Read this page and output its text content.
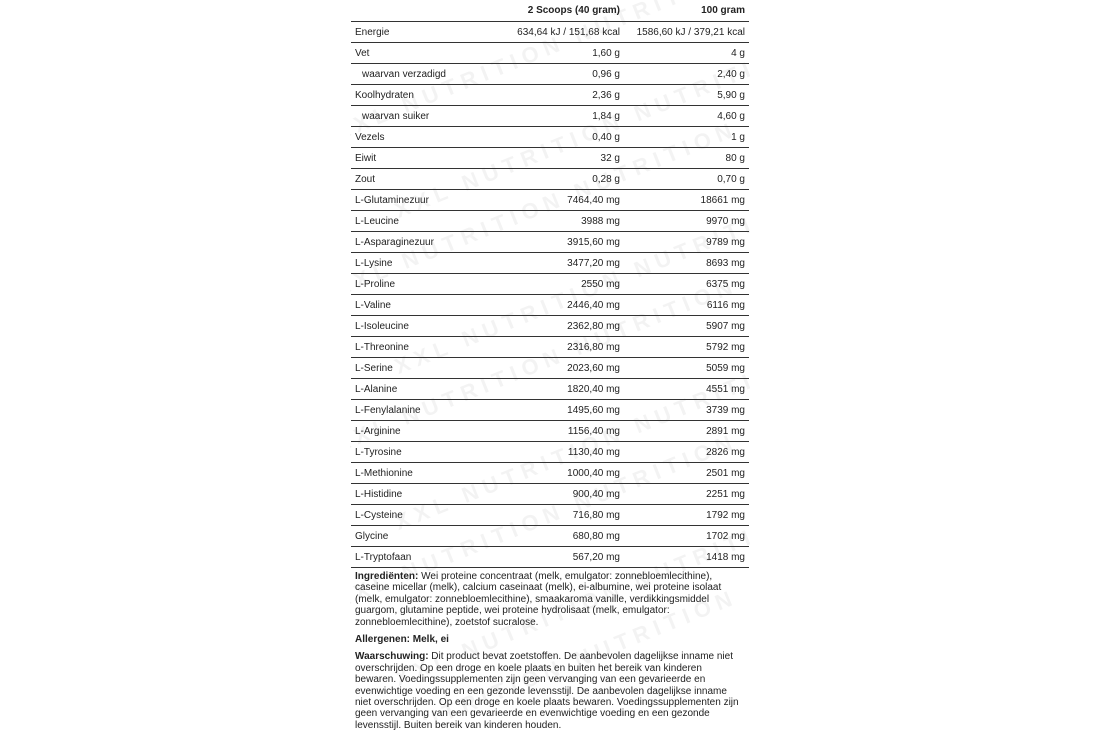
	2 Scoops (40 gram)	100 gram
Energie	634,64 kJ / 151,68 kcal	1586,60 kJ / 379,21 kcal
Vet	1,60 g	4 g
waarvan verzadigd	0,96 g	2,40 g
Koolhydraten	2,36 g	5,90 g
waarvan suiker	1,84 g	4,60 g
Vezels	0,40 g	1 g
Eiwit	32 g	80 g
Zout	0,28 g	0,70 g
L-Glutaminezuur	7464,40 mg	18661 mg
L-Leucine	3988 mg	9970 mg
L-Asparaginezuur	3915,60 mg	9789 mg
L-Lysine	3477,20 mg	8693 mg
L-Proline	2550 mg	6375 mg
L-Valine	2446,40 mg	6116 mg
L-Isoleucine	2362,80 mg	5907 mg
L-Threonine	2316,80 mg	5792 mg
L-Serine	2023,60 mg	5059 mg
L-Alanine	1820,40 mg	4551 mg
L-Fenylalanine	1495,60 mg	3739 mg
L-Arginine	1156,40 mg	2891 mg
L-Tyrosine	1130,40 mg	2826 mg
L-Methionine	1000,40 mg	2501 mg
L-Histidine	900,40 mg	2251 mg
L-Cysteine	716,80 mg	1792 mg
Glycine	680,80 mg	1702 mg
L-Tryptofaan	567,20 mg	1418 mg

Ingrediënten: Wei proteine concentraat (melk, emulgator: zonnebloemlecithine), caseine micellar (melk), calcium caseinaat (melk), ei-albumine, wei proteine isolaat (melk, emulgator: zonnebloemlecithine), smaakaroma vanille, verdikkingsmiddel guargom, glutamine peptide, wei proteine hydrolisaat (melk, emulgator: zonnebloemlecithine), zoetstof sucralose.

Allergenen: Melk, ei

Waarschuwing: Dit product bevat zoetstoffen. De aanbevolen dagelijkse inname niet overschrijden. Op een droge en koele plaats en buiten het bereik van kinderen bewaren. Voedingssupplementen zijn geen vervanging van een gevarieerde en evenwichtige voeding en een gezonde levensstijl. De aanbevolen dagelijkse inname niet overschrijden. Op een droge en koele plaats bewaren. Voedingssupplementen zijn geen vervanging van een gevarieerde en evenwichtige voeding en een gezonde levensstijl. Buiten bereik van kinderen houden.
